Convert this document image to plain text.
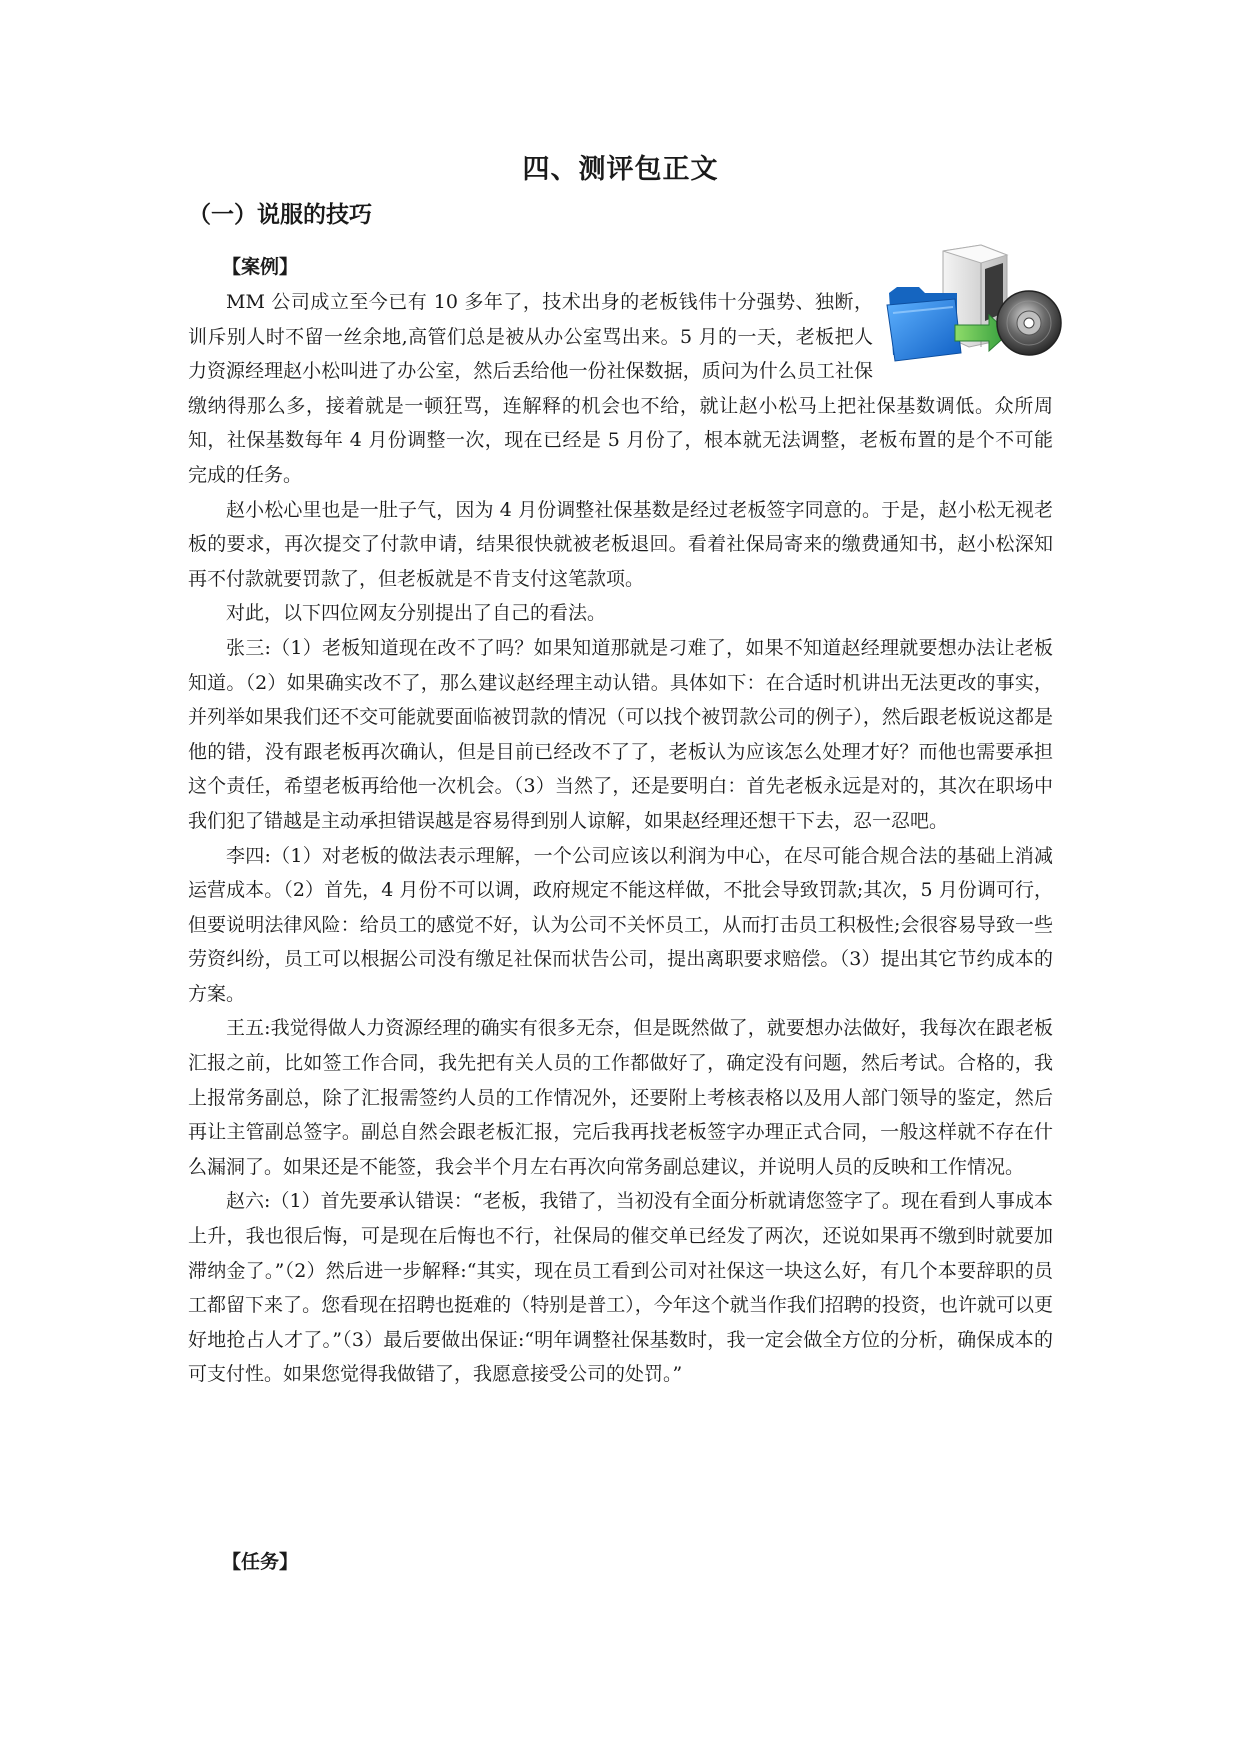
四、测评包正文
（一）说服的技巧
【案例】

MM 公司成立至今已有 10 多年了，技术出身的老板钱伟十分强势、独断，训斥别人时不留一丝余地,高管们总是被从办公室骂出来。5 月的一天，老板把人力资源经理赵小松叫进了办公室，然后丢给他一份社保数据，质问为什么员工社保缴纳得那么多，接着就是一顿狂骂，连解释的机会也不给，就让赵小松马上把社保基数调低。众所周知，社保基数每年 4 月份调整一次，现在已经是 5 月份了，根本就无法调整，老板布置的是个不可能完成的任务。

赵小松心里也是一肚子气，因为 4 月份调整社保基数是经过老板签字同意的。于是，赵小松无视老板的要求，再次提交了付款申请，结果很快就被老板退回。看着社保局寄来的缴费通知书，赵小松深知再不付款就要罚款了，但老板就是不肯支付这笔款项。

对此，以下四位网友分别提出了自己的看法。

张三:（1）老板知道现在改不了吗？如果知道那就是刁难了，如果不知道赵经理就要想办法让老板知道。（2）如果确实改不了，那么建议赵经理主动认错。具体如下：在合适时机讲出无法更改的事实，并列举如果我们还不交可能就要面临被罚款的情况（可以找个被罚款公司的例子），然后跟老板说这都是他的错，没有跟老板再次确认，但是目前已经改不了了，老板认为应该怎么处理才好？而他也需要承担这个责任，希望老板再给他一次机会。（3）当然了，还是要明白：首先老板永远是对的，其次在职场中我们犯了错越是主动承担错误越是容易得到别人谅解，如果赵经理还想干下去，忍一忍吧。

李四:（1）对老板的做法表示理解，一个公司应该以利润为中心，在尽可能合规合法的基础上消减运营成本。（2）首先，4 月份不可以调，政府规定不能这样做，不批会导致罚款;其次，5 月份调可行，但要说明法律风险：给员工的感觉不好，认为公司不关怀员工，从而打击员工积极性;会很容易导致一些劳资纠纷，员工可以根据公司没有缴足社保而状告公司，提出离职要求赔偿。（3）提出其它节约成本的方案。

王五:我觉得做人力资源经理的确实有很多无奈，但是既然做了，就要想办法做好，我每次在跟老板汇报之前，比如签工作合同，我先把有关人员的工作都做好了，确定没有问题，然后考试。合格的，我上报常务副总，除了汇报需签约人员的工作情况外，还要附上考核表格以及用人部门领导的鉴定，然后再让主管副总签字。副总自然会跟老板汇报，完后我再找老板签字办理正式合同，一般这样就不存在什么漏洞了。如果还是不能签，我会半个月左右再次向常务副总建议，并说明人员的反映和工作情况。

赵六:（1）首先要承认错误：“老板，我错了，当初没有全面分析就请您签字了。现在看到人事成本上升，我也很后悔，可是现在后悔也不行，社保局的催交单已经发了两次，还说如果再不缴到时就要加滞纳金了。”（2）然后进一步解释:“其实，现在员工看到公司对社保这一块这么好，有几个本要辞职的员工都留下来了。您看现在招聘也挺难的（特别是普工），今年这个就当作我们招聘的投资，也许就可以更好地抢占人才了。”（3）最后要做出保证:“明年调整社保基数时，我一定会做全方位的分析，确保成本的可支付性。如果您觉得我做错了，我愿意接受公司的处罚。”

【任务】
